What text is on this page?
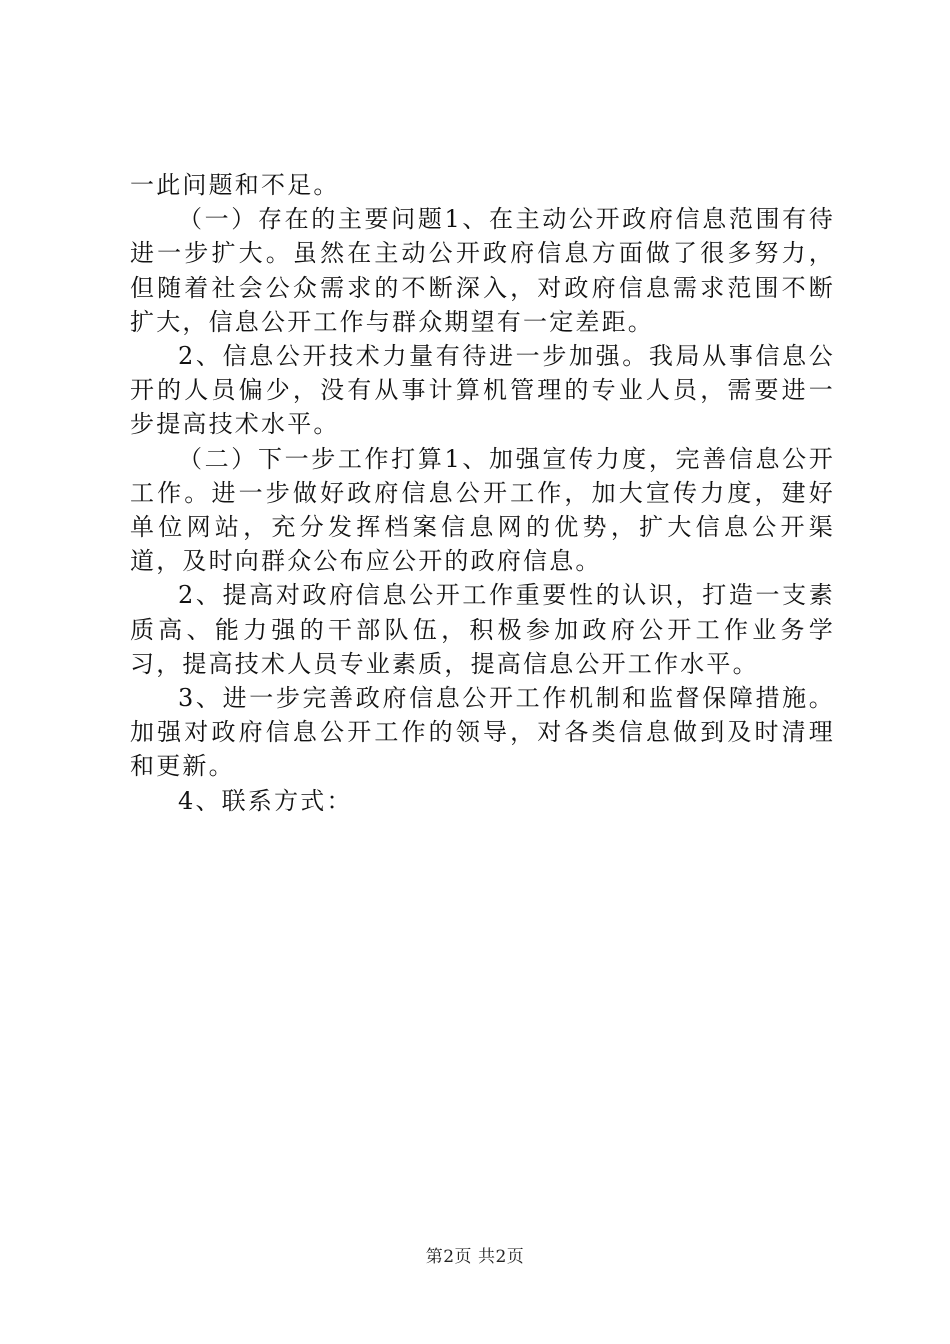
一此问题和不足。

（一）存在的主要问题1、在主动公开政府信息范围有待进一步扩大。虽然在主动公开政府信息方面做了很多努力，但随着社会公众需求的不断深入，对政府信息需求范围不断扩大，信息公开工作与群众期望有一定差距。

2、信息公开技术力量有待进一步加强。我局从事信息公开的人员偏少，没有从事计算机管理的专业人员，需要进一步提高技术水平。

（二）下一步工作打算1、加强宣传力度，完善信息公开工作。进一步做好政府信息公开工作，加大宣传力度，建好单位网站，充分发挥档案信息网的优势，扩大信息公开渠道，及时向群众公布应公开的政府信息。

2、提高对政府信息公开工作重要性的认识，打造一支素质高、能力强的干部队伍，积极参加政府公开工作业务学习，提高技术人员专业素质，提高信息公开工作水平。

3、进一步完善政府信息公开工作机制和监督保障措施。加强对政府信息公开工作的领导，对各类信息做到及时清理和更新。

4、联系方式：

第2页 共2页
